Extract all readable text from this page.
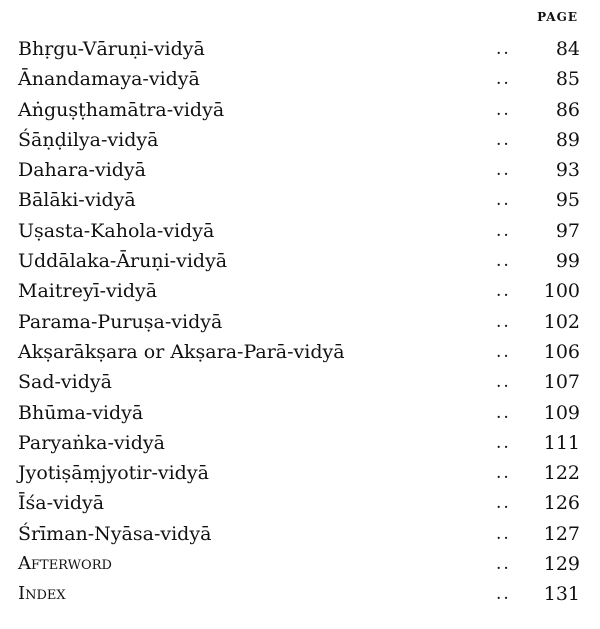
PAGE
Bhṛgu-Vāruṇi-vidyā	.. 84
Ānandamaya-vidyā	.. 85
Aṅguṣṭhamātra-vidyā	.. 86
Śāṇḍilya-vidyā	.. 89
Dahara-vidyā	.. 93
Bālāki-vidyā	.. 95
Uṣasta-Kahola-vidyā	.. 97
Uddālaka-Āruṇi-vidyā	.. 99
Maitreyī-vidyā	.. 100
Parama-Puruṣa-vidyā	.. 102
Akṣarākṣara or Akṣara-Parā-vidyā	.. 106
Sad-vidyā	.. 107
Bhūma-vidyā	.. 109
Paryaṅka-vidyā	.. 111
Jyotiṣāṃjyotir-vidyā	.. 122
Īśa-vidyā	.. 126
Śrīman-Nyāsa-vidyā	.. 127
Afterword	.. 129
Index	.. 131
